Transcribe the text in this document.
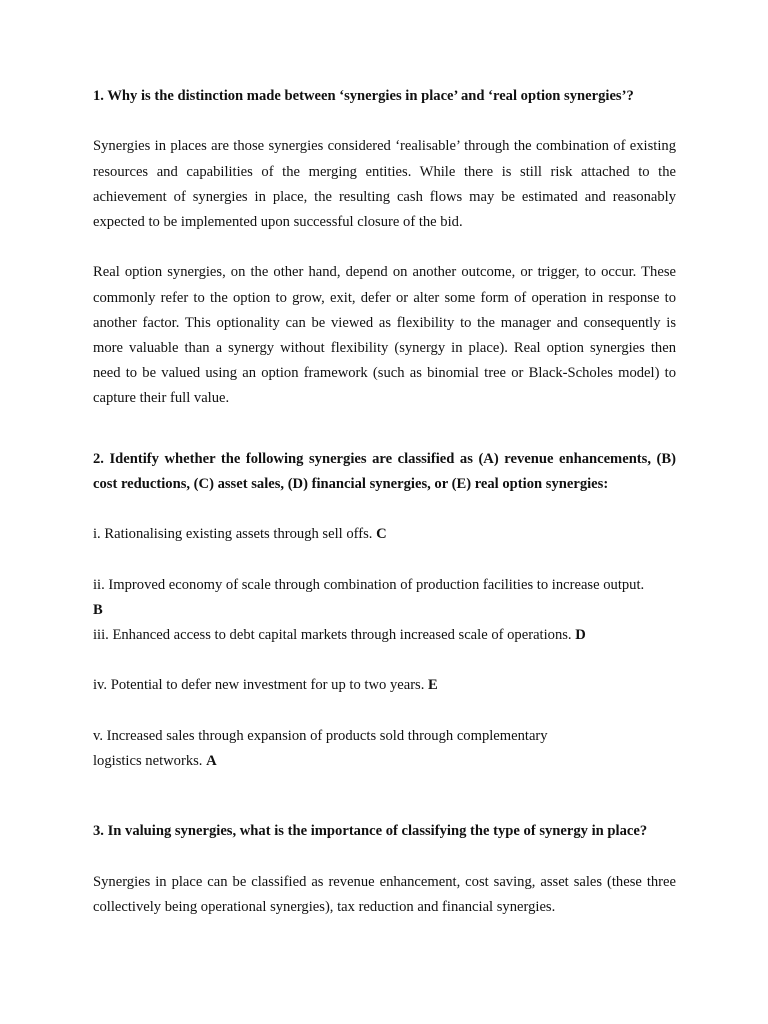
1. Why is the distinction made between ‘synergies in place’ and ‘real option synergies’?

Synergies in places are those synergies considered ‘realisable’ through the combination of existing resources and capabilities of the merging entities. While there is still risk attached to the achievement of synergies in place, the resulting cash flows may be estimated and reasonably expected to be implemented upon successful closure of the bid.

Real option synergies, on the other hand, depend on another outcome, or trigger, to occur. These commonly refer to the option to grow, exit, defer or alter some form of operation in response to another factor. This optionality can be viewed as flexibility to the manager and consequently is more valuable than a synergy without flexibility (synergy in place). Real option synergies then need to be valued using an option framework (such as binomial tree or Black-Scholes model) to capture their full value.

2. Identify whether the following synergies are classified as (A) revenue enhancements, (B) cost reductions, (C) asset sales, (D) financial synergies, or (E) real option synergies:

i. Rationalising existing assets through sell offs. C

ii. Improved economy of scale through combination of production facilities to increase output.
B

iii. Enhanced access to debt capital markets through increased scale of operations. D

iv. Potential to defer new investment for up to two years. E

v. Increased sales through expansion of products sold through complementary
logistics networks. A

3. In valuing synergies, what is the importance of classifying the type of synergy in place?

Synergies in place can be classified as revenue enhancement, cost saving, asset sales (these three collectively being operational synergies), tax reduction and financial synergies.
